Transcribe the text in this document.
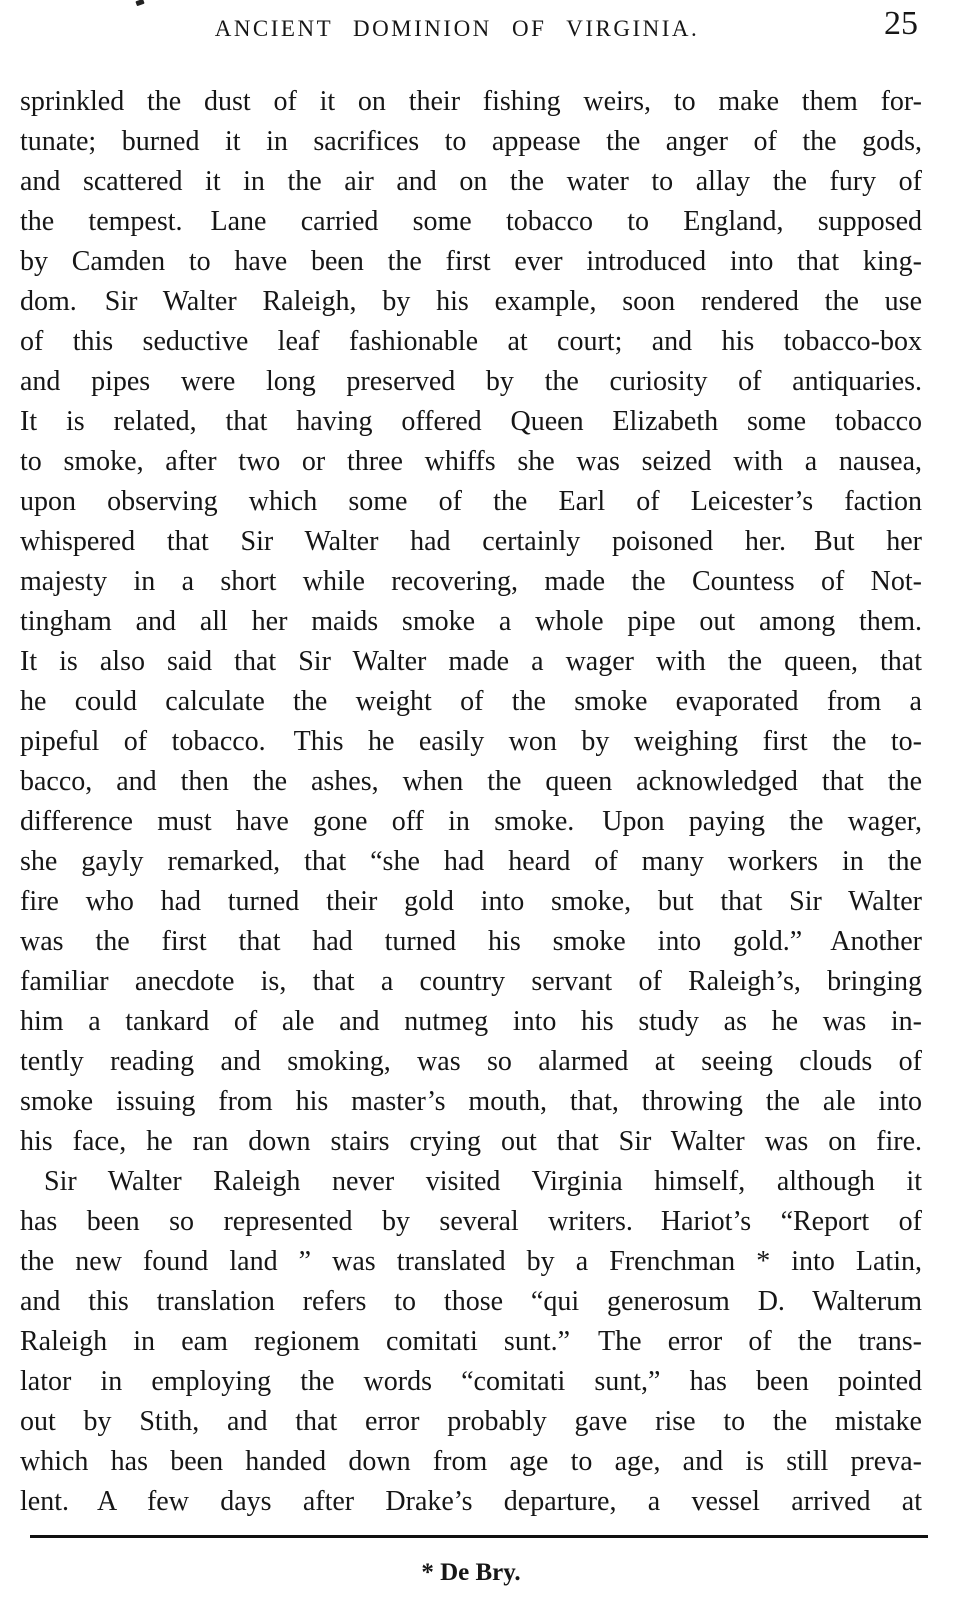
ANCIENT DOMINION OF VIRGINIA.	25
sprinkled the dust of it on their fishing weirs, to make them for-
tunate; burned it in sacrifices to appease the anger of the gods,
and scattered it in the air and on the water to allay the fury of
the tempest. Lane carried some tobacco to England, supposed
by Camden to have been the first ever introduced into that king-
dom. Sir Walter Raleigh, by his example, soon rendered the use
of this seductive leaf fashionable at court; and his tobacco-box
and pipes were long preserved by the curiosity of antiquaries.
It is related, that having offered Queen Elizabeth some tobacco
to smoke, after two or three whiffs she was seized with a nausea,
upon observing which some of the Earl of Leicester’s faction
whispered that Sir Walter had certainly poisoned her. But her
majesty in a short while recovering, made the Countess of Not-
tingham and all her maids smoke a whole pipe out among them.
It is also said that Sir Walter made a wager with the queen, that
he could calculate the weight of the smoke evaporated from a
pipeful of tobacco. This he easily won by weighing first the to-
bacco, and then the ashes, when the queen acknowledged that the
difference must have gone off in smoke. Upon paying the wager,
she gayly remarked, that “she had heard of many workers in the
fire who had turned their gold into smoke, but that Sir Walter
was the first that had turned his smoke into gold.” Another
familiar anecdote is, that a country servant of Raleigh’s, bringing
him a tankard of ale and nutmeg into his study as he was in-
tently reading and smoking, was so alarmed at seeing clouds of
smoke issuing from his master’s mouth, that, throwing the ale into
his face, he ran down stairs crying out that Sir Walter was on fire.
Sir Walter Raleigh never visited Virginia himself, although it
has been so represented by several writers. Hariot’s “Report of
the new found land ” was translated by a Frenchman * into Latin,
and this translation refers to those “qui generosum D. Walterum
Raleigh in eam regionem comitati sunt.” The error of the trans-
lator in employing the words “comitati sunt,” has been pointed
out by Stith, and that error probably gave rise to the mistake
which has been handed down from age to age, and is still preva-
lent. A few days after Drake’s departure, a vessel arrived at
* De Bry.
